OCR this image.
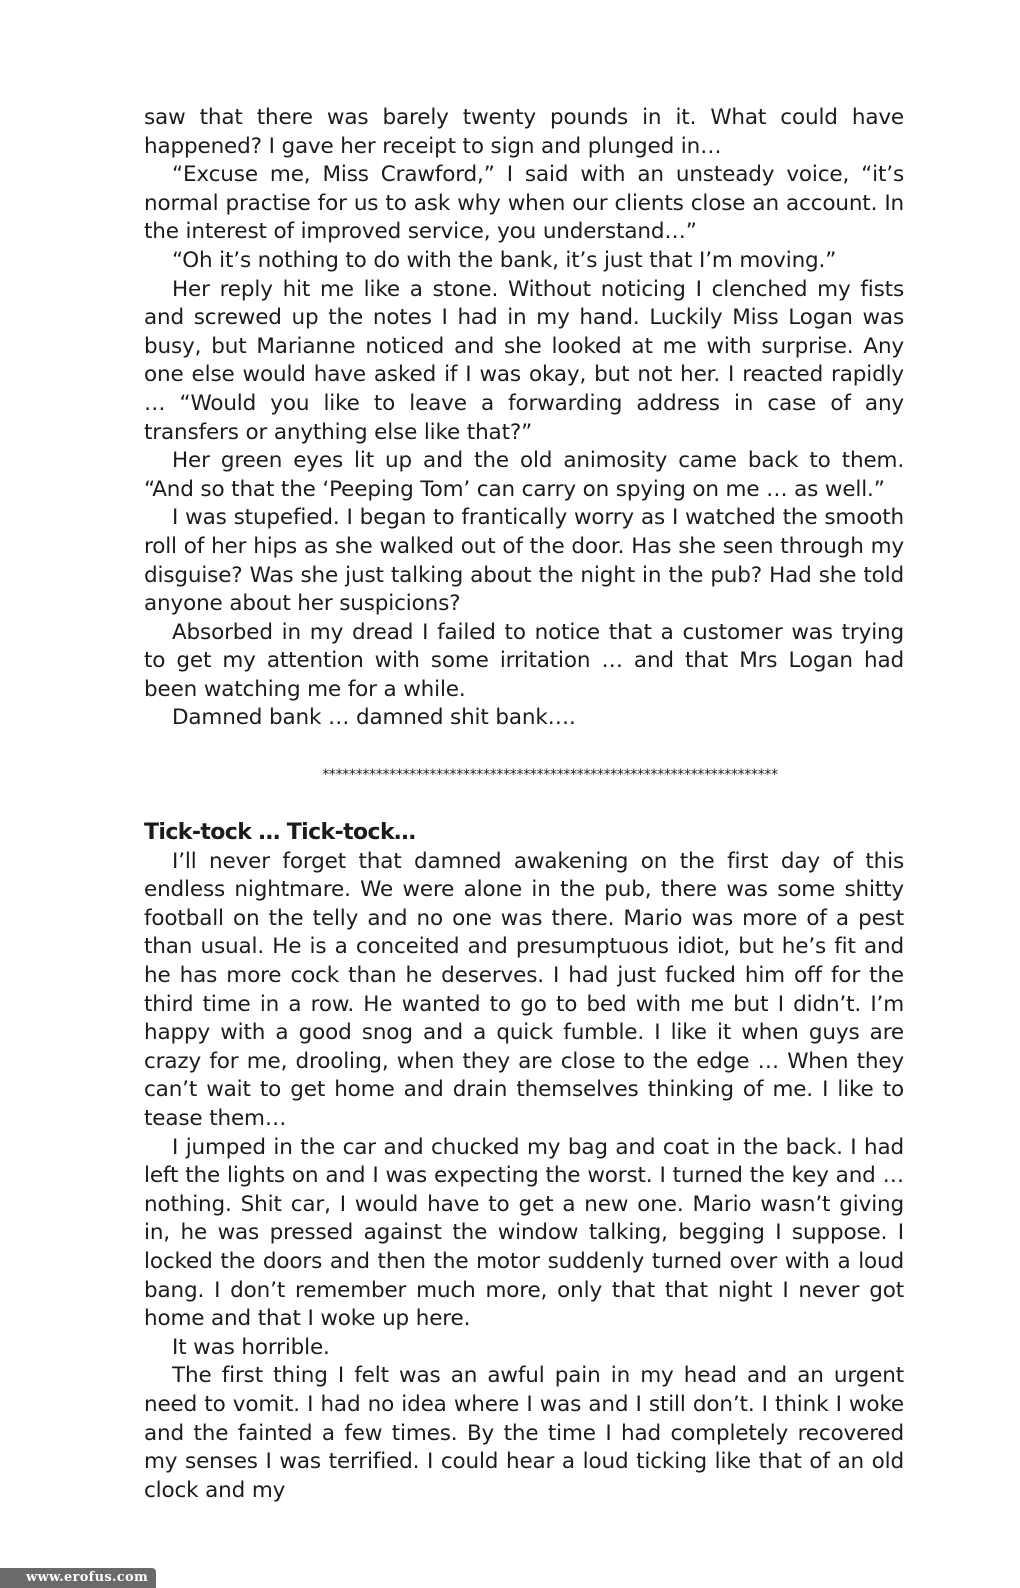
saw that there was barely twenty pounds in it. What could have happened? I gave her receipt to sign and plunged in…

“Excuse me, Miss Crawford,” I said with an unsteady voice, “it’s normal practise for us to ask why when our clients close an account. In the interest of improved service, you understand…”

“Oh it’s nothing to do with the bank, it’s just that I’m moving.”

Her reply hit me like a stone. Without noticing I clenched my fists and screwed up the notes I had in my hand. Luckily Miss Logan was busy, but Marianne noticed and she looked at me with surprise. Any one else would have asked if I was okay, but not her. I reacted rapidly … “Would you like to leave a forwarding address in case of any transfers or anything else like that?”

Her green eyes lit up and the old animosity came back to them. “And so that the ‘Peeping Tom’ can carry on spying on me … as well.”

I was stupefied. I began to frantically worry as I watched the smooth roll of her hips as she walked out of the door. Has she seen through my disguise? Was she just talking about the night in the pub? Had she told anyone about her suspicions?

Absorbed in my dread I failed to notice that a customer was trying to get my attention with some irritation … and that Mrs Logan had been watching me for a while.

Damned bank … damned shit bank….

********************************************************************
Tick-tock … Tick-tock…

I’ll never forget that damned awakening on the first day of this endless nightmare. We were alone in the pub, there was some shitty football on the telly and no one was there. Mario was more of a pest than usual. He is a conceited and presumptuous idiot, but he’s fit and he has more cock than he deserves. I had just fucked him off for the third time in a row. He wanted to go to bed with me but I didn’t. I’m happy with a good snog and a quick fumble. I like it when guys are crazy for me, drooling, when they are close to the edge … When they can’t wait to get home and drain themselves thinking of me. I like to tease them…

I jumped in the car and chucked my bag and coat in the back. I had left the lights on and I was expecting the worst. I turned the key and … nothing. Shit car, I would have to get a new one. Mario wasn’t giving in, he was pressed against the window talking, begging I suppose. I locked the doors and then the motor suddenly turned over with a loud bang. I don’t remember much more, only that that night I never got home and that I woke up here.

It was horrible.

The first thing I felt was an awful pain in my head and an urgent need to vomit. I had no idea where I was and I still don’t. I think I woke and the fainted a few times. By the time I had completely recovered my senses I was terrified. I could hear a loud ticking like that of an old clock and my

www.erofus.com
